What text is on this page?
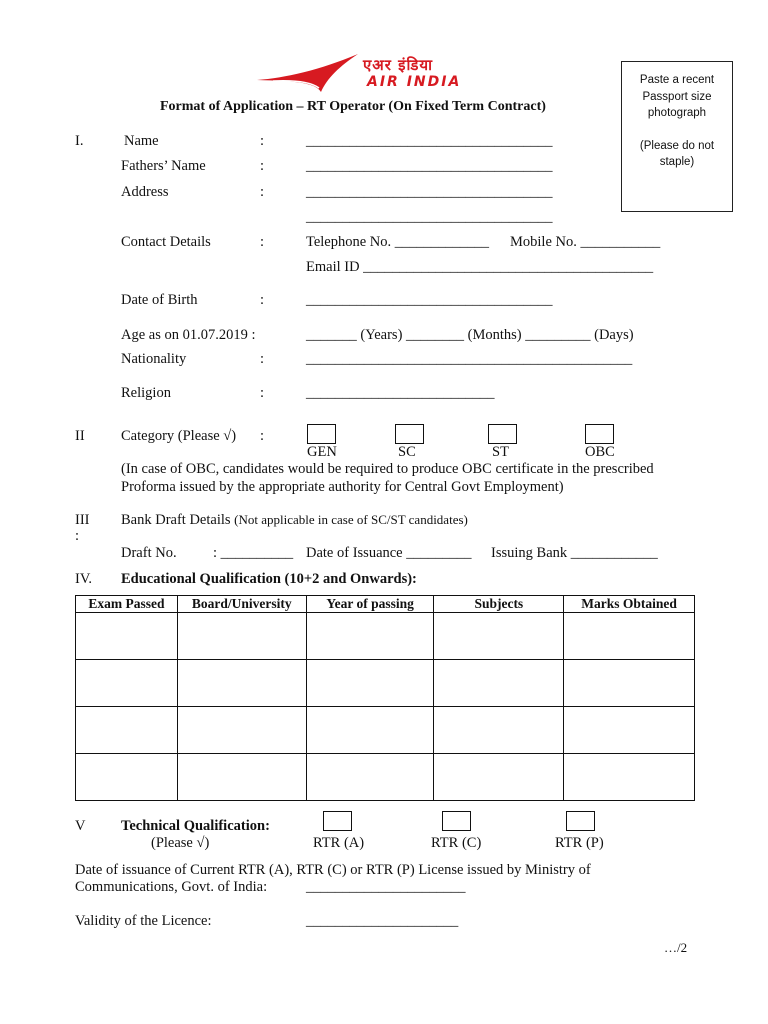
एअर इंडिया
AIR INDIA	Paste a recent
Passport size
photograph
(Please do not
staple)
Format of Application – RT Operator (On Fixed Term Contract)
I.	Name	:	__________________________________
Fathers’ Name	:	__________________________________
Address	:	__________________________________
__________________________________
Contact Details	:	Telephone No. _____________ Mobile No. ___________
Email ID ________________________________________
Date of Birth	:	__________________________________
Age as on 01.07.2019 :	_______ (Years) ________ (Months) _________ (Days)
Nationality	:	_____________________________________________
Religion	:	__________________________
II	Category (Please √) :
GEN	SC	ST	OBC
(In case of OBC, candidates would be required to produce OBC certificate in the prescribed
Proforma issued by the appropriate authority for Central Govt Employment)
III
:
Bank Draft Details (Not applicable in case of SC/ST candidates)
Draft No.	: __________ Date of Issuance _________ Issuing Bank ____________
IV. Educational Qualification (10+2 and Onwards):
Exam Passed	Board/University	Year of passing	Subjects	Marks Obtained

V Technical Qualification:
(Please √)	RTR (A)	RTR (C)	RTR (P)
Date of issuance of Current RTR (A), RTR (C) or RTR (P) License issued by Ministry of
Communications, Govt. of India:	______________________
Validity of the Licence:	_____________________
…/2
